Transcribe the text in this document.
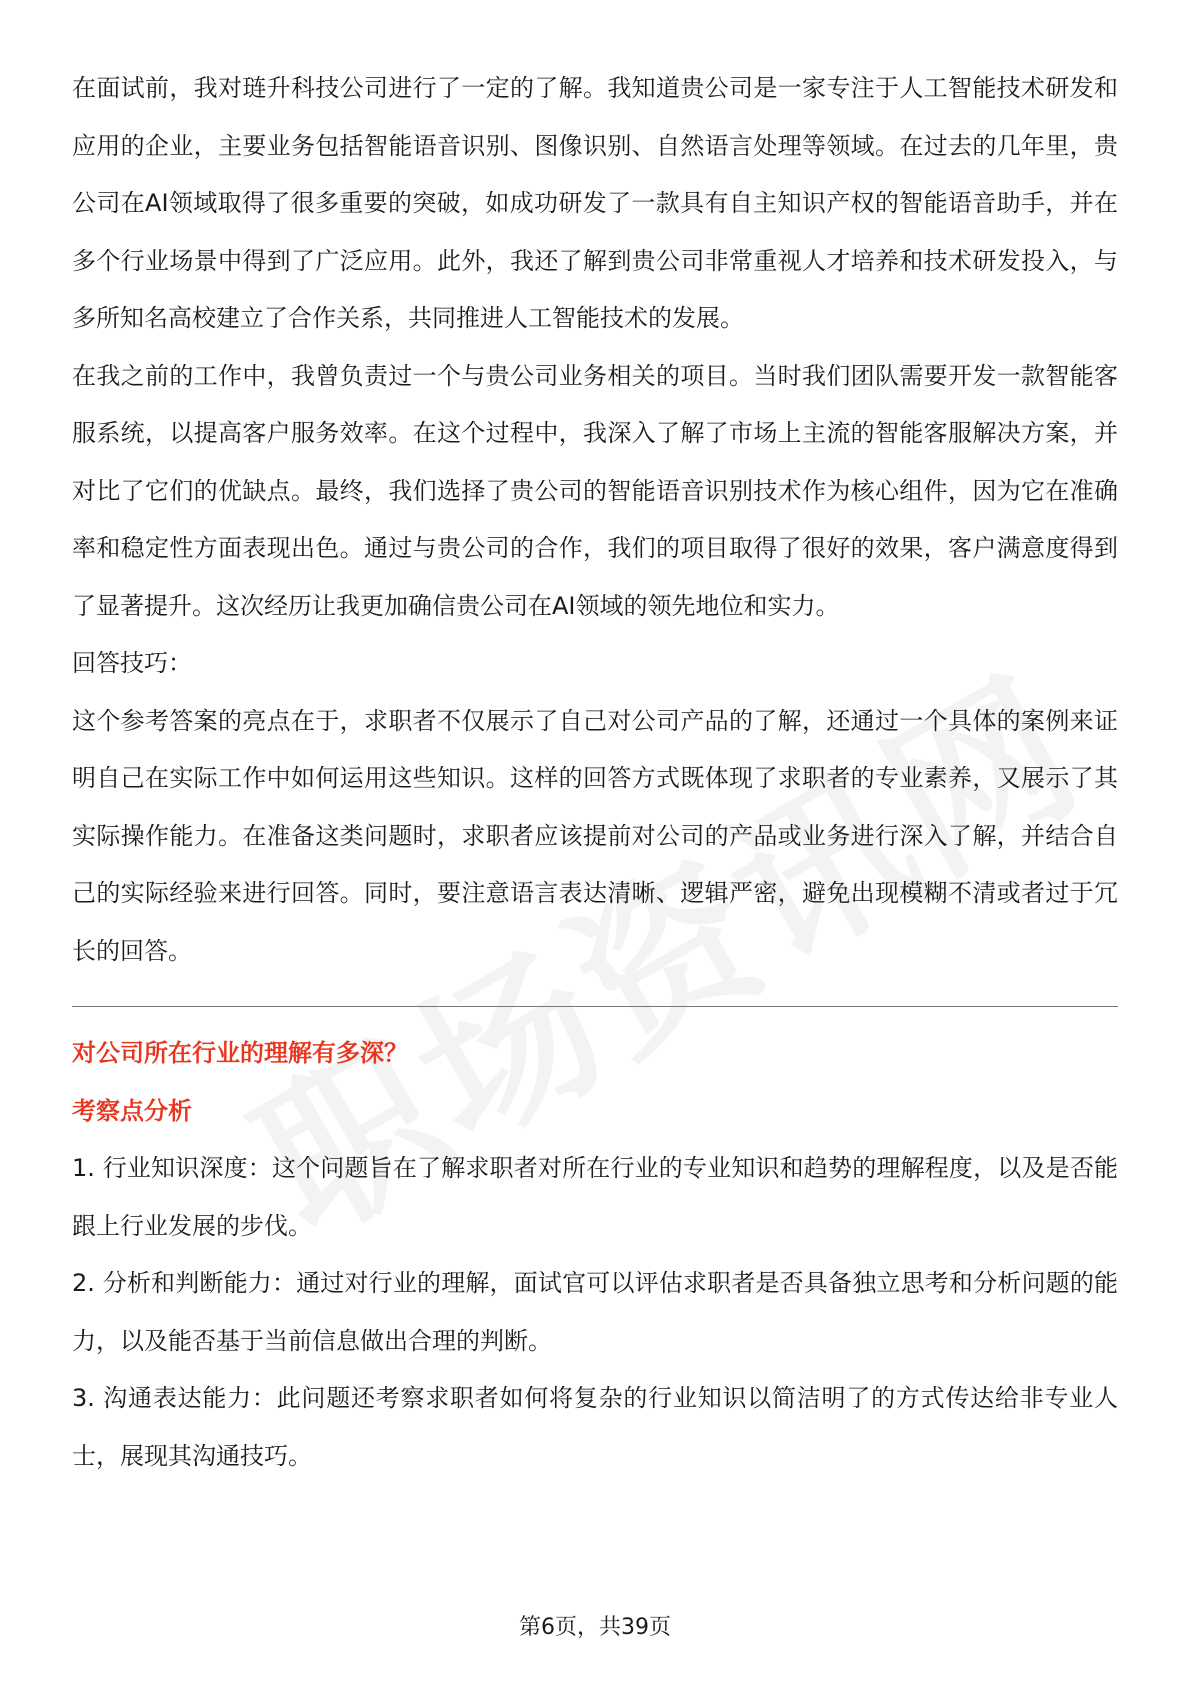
在面试前，我对琏升科技公司进行了一定的了解。我知道贵公司是一家专注于人工智能技术研发和应用的企业，主要业务包括智能语音识别、图像识别、自然语言处理等领域。在过去的几年里，贵公司在AI领域取得了很多重要的突破，如成功研发了一款具有自主知识产权的智能语音助手，并在多个行业场景中得到了广泛应用。此外，我还了解到贵公司非常重视人才培养和技术研发投入，与多所知名高校建立了合作关系，共同推进人工智能技术的发展。

在我之前的工作中，我曾负责过一个与贵公司业务相关的项目。当时我们团队需要开发一款智能客服系统，以提高客户服务效率。在这个过程中，我深入了解了市场上主流的智能客服解决方案，并对比了它们的优缺点。最终，我们选择了贵公司的智能语音识别技术作为核心组件，因为它在准确率和稳定性方面表现出色。通过与贵公司的合作，我们的项目取得了很好的效果，客户满意度得到了显著提升。这次经历让我更加确信贵公司在AI领域的领先地位和实力。

回答技巧：

这个参考答案的亮点在于，求职者不仅展示了自己对公司产品的了解，还通过一个具体的案例来证明自己在实际工作中如何运用这些知识。这样的回答方式既体现了求职者的专业素养，又展示了其实际操作能力。在准备这类问题时，求职者应该提前对公司的产品或业务进行深入了解，并结合自己的实际经验来进行回答。同时，要注意语言表达清晰、逻辑严密，避免出现模糊不清或者过于冗长的回答。

对公司所在行业的理解有多深？

考察点分析

1. 行业知识深度：这个问题旨在了解求职者对所在行业的专业知识和趋势的理解程度，以及是否能跟上行业发展的步伐。

2. 分析和判断能力：通过对行业的理解，面试官可以评估求职者是否具备独立思考和分析问题的能力，以及能否基于当前信息做出合理的判断。

3. 沟通表达能力：此问题还考察求职者如何将复杂的行业知识以简洁明了的方式传达给非专业人士，展现其沟通技巧。

第6页，共39页
